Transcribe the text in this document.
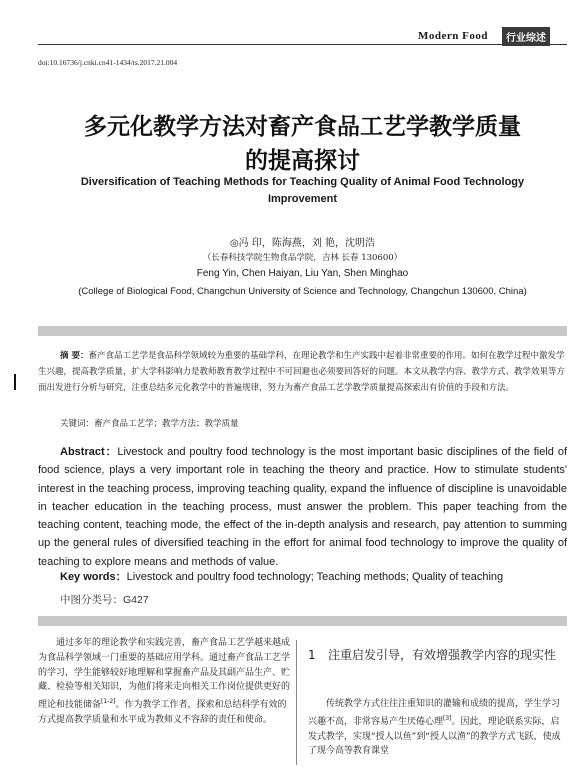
Modern Food	行业综述
doi:10.16736/j.cnki.cn41-1434/ts.2017.21.004
多元化教学方法对畜产食品工艺学教学质量
的提高探讨
Diversification of Teaching Methods for Teaching Quality of Animal Food Technology
Improvement
◎冯 印，陈海燕，刘 艳，沈明浩
（长春科技学院生物食品学院，吉林 长春 130600）
Feng Yin, Chen Haiyan, Liu Yan, Shen Minghao
(College of Biological Food, Changchun University of Science and Technology, Changchun 130600, China)
摘 要：畜产食品工艺学是食品科学领域较为重要的基础学科，在理论教学和生产实践中起着非常重要的作用。如何在教学过程中激发学生兴趣，提高教学质量，扩大学科影响力是教师教育教学过程中不可回避也必须要回答好的问题。本文从教学内容、教学方式、教学效果等方面出发进行分析与研究，注重总结多元化教学中的普遍规律，努力为畜产食品工艺学教学质量提高探索出有价值的手段和方法。
关键词：畜产食品工艺学；教学方法；教学质量
Abstract：Livestock and poultry food technology is the most important basic disciplines of the field of food science, plays a very important role in teaching the theory and practice. How to stimulate students' interest in the teaching process, improving teaching quality, expand the influence of discipline is unavoidable in teacher education in the teaching process, must answer the problem. This paper teaching from the teaching content, teaching mode, the effect of the in-depth analysis and research, pay attention to summing up the general rules of diversified teaching in the effort for animal food technology to improve the quality of teaching to explore means and methods of value.
Key words：Livestock and poultry food technology; Teaching methods; Quality of teaching
中图分类号：G427
通过多年的理论教学和实践完善，畜产食品工艺学越来越成为食品科学领域一门重要的基础应用学科。通过畜产食品工艺学的学习，学生能够较好地理解和掌握畜产品及其副产品生产、贮藏、检验等相关知识，为他们将来走向相关工作岗位提供更好的理论和技能储备[1-2]。作为教学工作者，探索和总结科学有效的方式提高教学质量和水平成为教师义不容辞的责任和使命。
1 注重启发引导，有效增强教学内容的现实性
传统教学方式往往注重知识的灌输和成绩的提高，学生学习兴趣不高，非常容易产生厌倦心理[3]。因此，理论联系实际，启发式教学，实现“授人以鱼”到“授人以渔”的教学方式飞跃，使成了现今高等教育课堂
